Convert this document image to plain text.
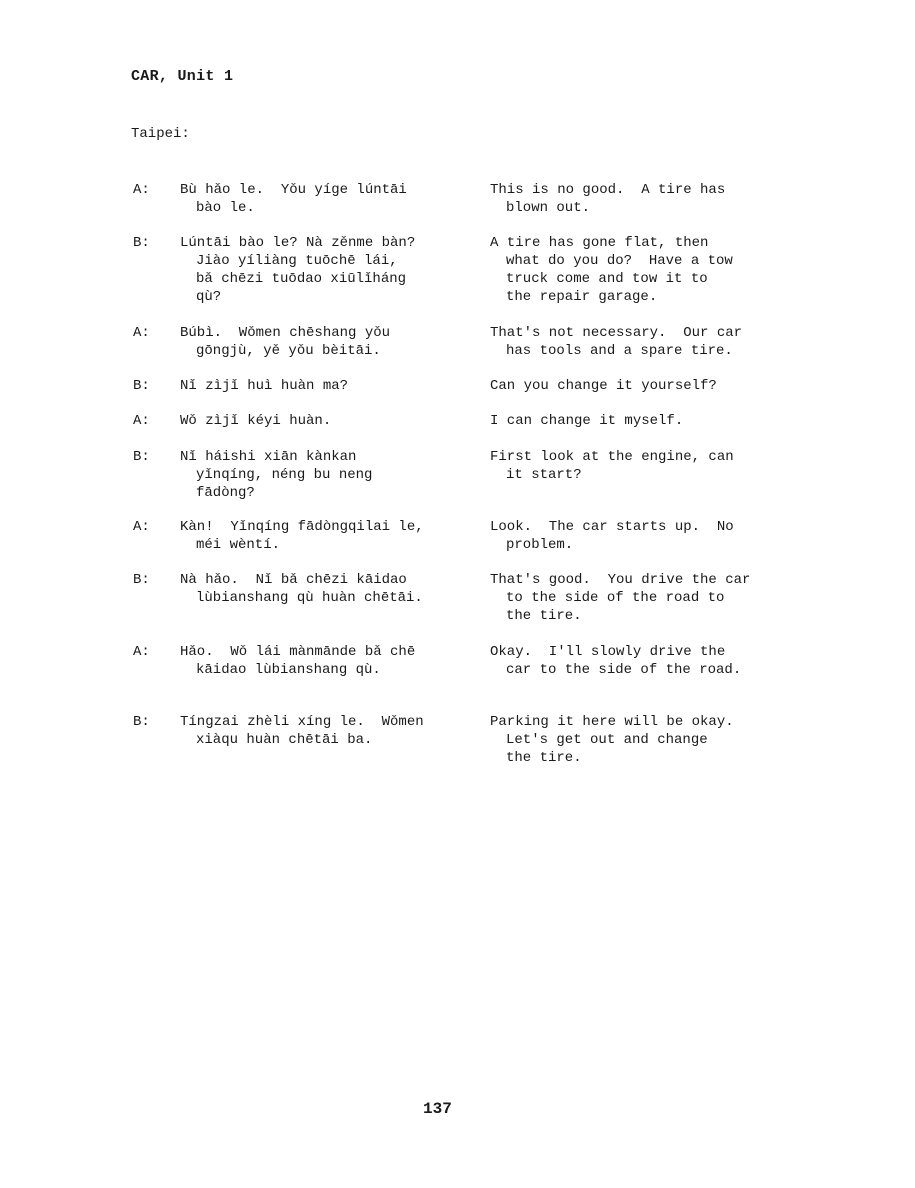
CAR, Unit 1
Taipei:
A: Bù hǎo le.  Yǒu yíge lúntāi
bào le.
This is no good.  A tire has
blown out.
B: Lúntāi bào le? Nà zěnme bàn?
Jiào yíliàng tuōchē lái,
bǎ chēzi tuōdao xiūlǐháng
qù?
A tire has gone flat, then
what do you do?  Have a tow
truck come and tow it to
the repair garage.
A: Búbì.  Wǒmen chēshang yǒu
gōngjù, yě yǒu bèitāi.
That's not necessary.  Our car
has tools and a spare tire.
B: Nǐ zìjǐ huì huàn ma?	Can you change it yourself?
A: Wǒ zìjǐ kéyi huàn.	I can change it myself.
B: Nǐ háishi xiān kànkan
yǐnqíng, néng bu neng
fādòng?
First look at the engine, can
it start?
A: Kàn!  Yǐnqíng fādòngqilai le,
méi wèntí.
Look.  The car starts up.  No
problem.
B: Nà hǎo.  Nǐ bǎ chēzi kāidao
lùbianshang qù huàn chētāi.
That's good.  You drive the car
to the side of the road to
the tire.
A: Hǎo.  Wǒ lái mànmānde bǎ chē
kāidao lùbianshang qù.
Okay.  I'll slowly drive the
car to the side of the road.
B: Tíngzai zhèli xíng le.  Wǒmen
xiàqu huàn chētāi ba.
Parking it here will be okay.
Let's get out and change
the tire.
137
